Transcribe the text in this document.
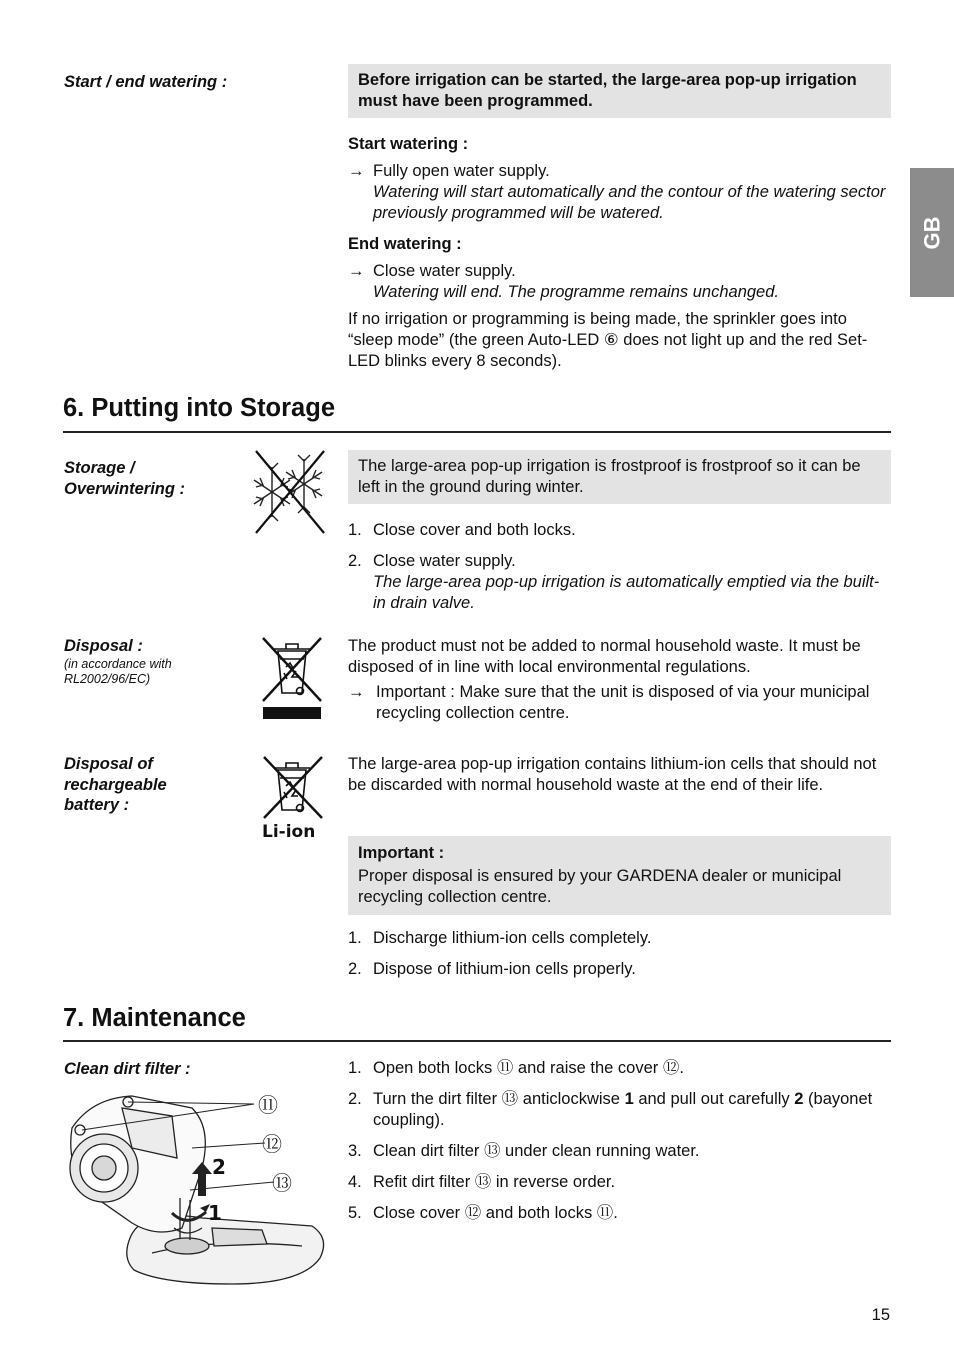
GB
Start / end watering :	Before irrigation can be started, the large-area pop-up irrigation must have been programmed.
Start watering :
→ Fully open water supply.
Watering will start automatically and the contour of the watering sector previously programmed will be watered.
End watering :
→ Close water supply.
Watering will end. The programme remains unchanged.
If no irrigation or programming is being made, the sprinkler goes into “sleep mode” (the green Auto-LED ⑥ does not light up and the red Set-LED blinks every 8 seconds).
6. Putting into Storage
Storage / Overwintering :
The large-area pop-up irrigation is frostproof is frostproof so it can be left in the ground during winter.
1. Close cover and both locks.
2. Close water supply.
The large-area pop-up irrigation is automatically emptied via the built-in drain valve.
Disposal :
(in accordance with RL2002/96/EC)
The product must not be added to normal household waste. It must be disposed of in line with local environmental regulations.
→ Important : Make sure that the unit is disposed of via your municipal recycling collection centre.
Disposal of rechargeable battery :
Li-ion
The large-area pop-up irrigation contains lithium-ion cells that should not be discarded with normal household waste at the end of their life.
Important :
Proper disposal is ensured by your GARDENA dealer or municipal recycling collection centre.
1. Discharge lithium-ion cells completely.
2. Dispose of lithium-ion cells properly.
7. Maintenance
Clean dirt filter :
⑪
⑫
⑬
1
2
1. Open both locks ⑪ and raise the cover ⑫.
2. Turn the dirt filter ⑬ anticlockwise 1 and pull out carefully 2 (bayonet coupling).
3. Clean dirt filter ⑬ under clean running water.
4. Refit dirt filter ⑬ in reverse order.
5. Close cover ⑫ and both locks ⑪.
15
